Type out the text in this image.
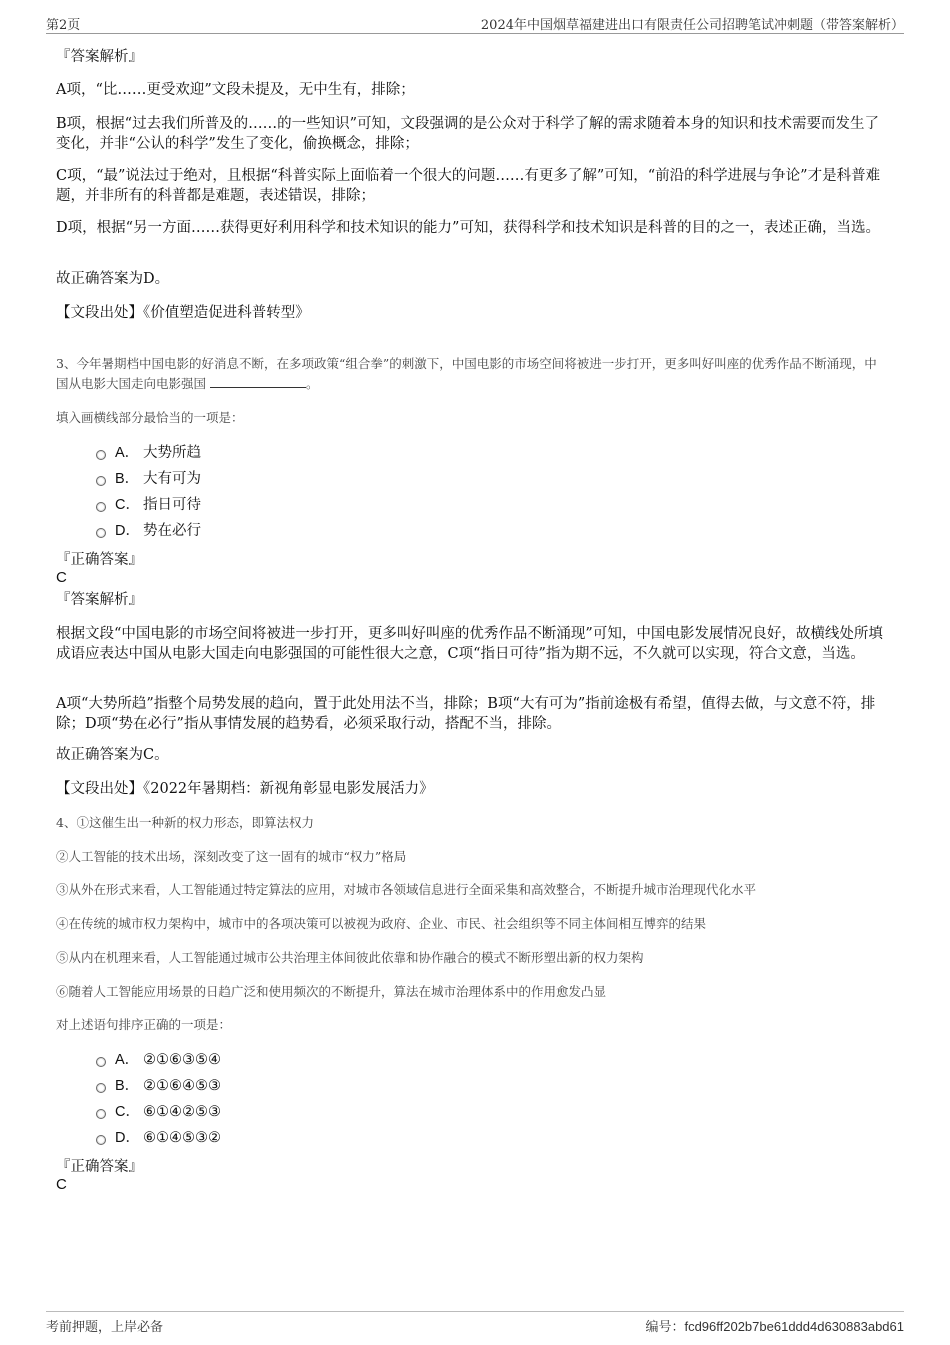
第2页	2024年中国烟草福建进出口有限责任公司招聘笔试冲刺题（带答案解析）
『答案解析』
A项，“比……更受欢迎”文段未提及，无中生有，排除；
B项，根据“过去我们所普及的……的一些知识”可知，文段强调的是公众对于科学了解的需求随着本身的知识和技术需要而发生了变化，并非“公认的科学”发生了变化，偷换概念，排除；
C项，“最”说法过于绝对，且根据“科普实际上面临着一个很大的问题……有更多了解”可知，“前沿的科学进展与争论”才是科普难题，并非所有的科普都是难题，表述错误，排除；
D项，根据“另一方面……获得更好利用科学和技术知识的能力”可知，获得科学和技术知识是科普的目的之一，表述正确，当选。
故正确答案为D。
【文段出处】《价值塑造促进科普转型》
3、今年暑期档中国电影的好消息不断，在多项政策“组合拳”的刺激下，中国电影的市场空间将被进一步打开，更多叫好叫座的优秀作品不断涌现，中国从电影大国走向电影强国	。
填入画横线部分最恰当的一项是：
A． 大势所趋
B． 大有可为
C． 指日可待
D． 势在必行
『正确答案』
C
『答案解析』
根据文段“中国电影的市场空间将被进一步打开，更多叫好叫座的优秀作品不断涌现”可知，中国电影发展情况良好，故横线处所填成语应表达中国从电影大国走向电影强国的可能性很大之意，C项“指日可待”指为期不远，不久就可以实现，符合文意，当选。
A项“大势所趋”指整个局势发展的趋向，置于此处用法不当，排除；B项“大有可为”指前途极有希望，值得去做，与文意不符，排除；D项“势在必行”指从事情发展的趋势看，必须采取行动，搭配不当，排除。
故正确答案为C。
【文段出处】《2022年暑期档：新视角彰显电影发展活力》
4、①这催生出一种新的权力形态，即算法权力
②人工智能的技术出场，深刻改变了这一固有的城市“权力”格局
③从外在形式来看，人工智能通过特定算法的应用，对城市各领域信息进行全面采集和高效整合，不断提升城市治理现代化水平
④在传统的城市权力架构中，城市中的各项决策可以被视为政府、企业、市民、社会组织等不同主体间相互博弈的结果
⑤从内在机理来看，人工智能通过城市公共治理主体间彼此依靠和协作融合的模式不断形塑出新的权力架构
⑥随着人工智能应用场景的日趋广泛和使用频次的不断提升，算法在城市治理体系中的作用愈发凸显
对上述语句排序正确的一项是：
A． ②①⑥③⑤④
B． ②①⑥④⑤③
C． ⑥①④②⑤③
D． ⑥①④⑤③②
『正确答案』
C
考前押题，上岸必备	编号：fcd96ff202b7be61ddd4d630883abd61
